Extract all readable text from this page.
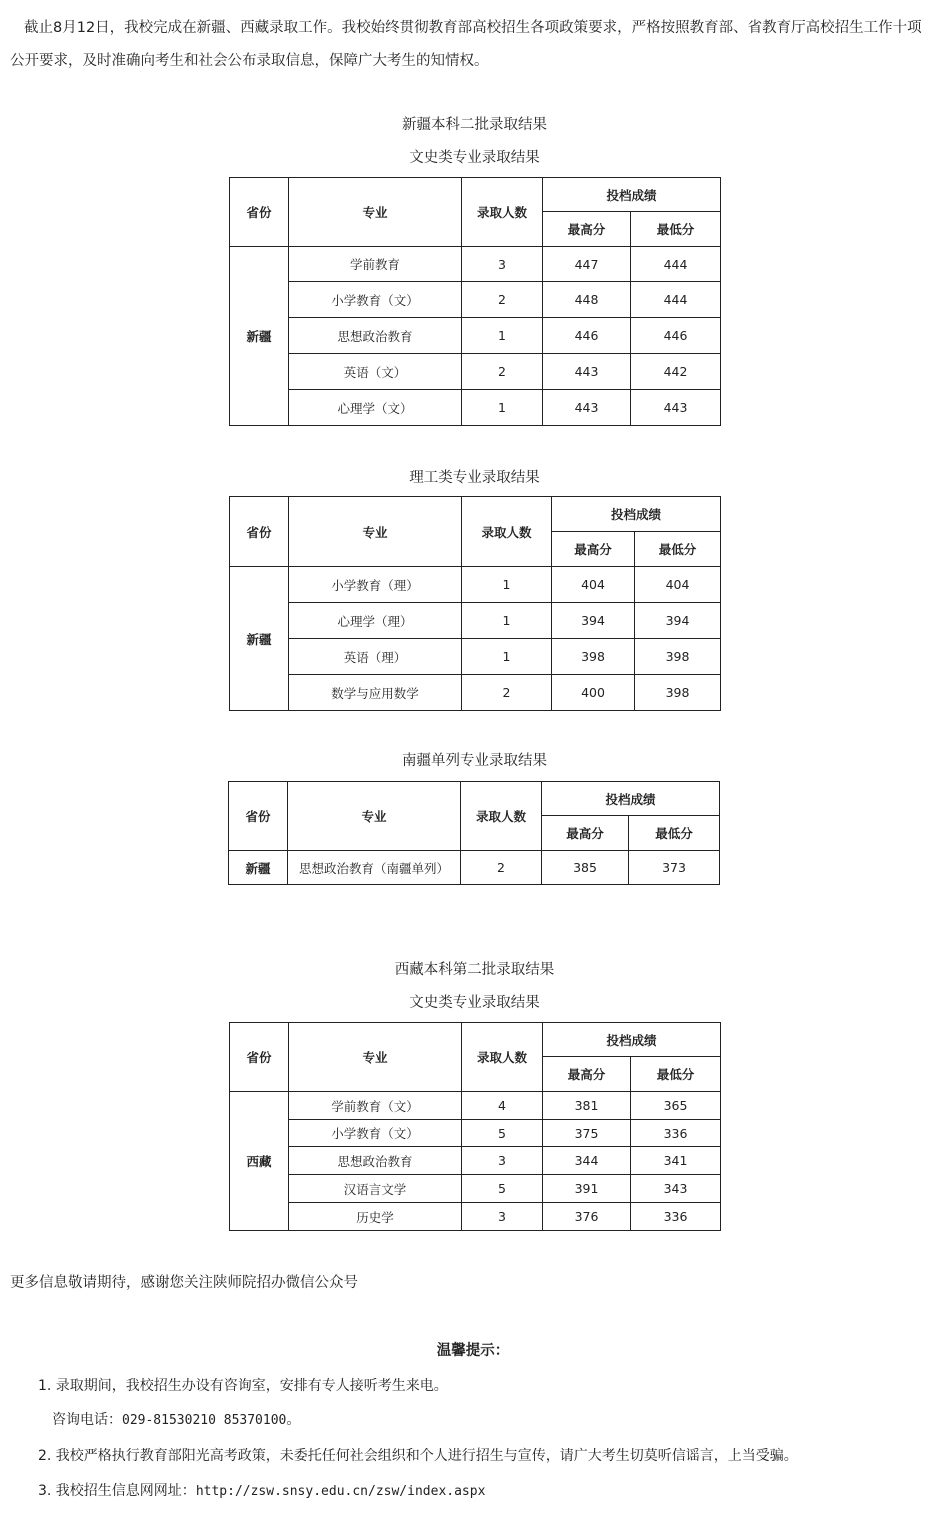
截止8月12日，我校完成在新疆、西藏录取工作。我校始终贯彻教育部高校招生各项政策要求，严格按照教育部、省教育厅高校招生工作十项公开要求，及时准确向考生和社会公布录取信息，保障广大考生的知情权。

新疆本科二批录取结果

文史类专业录取结果

省份	专业	录取人数	投档成绩	
			最高分	最低分
新疆	学前教育	3	447	444
	小学教育（文）	2	448	444
	思想政治教育	1	446	446
	英语（文）	2	443	442
	心理学（文）	1	443	443

理工类专业录取结果

省份	专业	录取人数	投档成绩	
			最高分	最低分
新疆	小学教育（理）	1	404	404
	心理学（理）	1	394	394
	英语（理）	1	398	398
	数学与应用数学	2	400	398

南疆单列专业录取结果

省份	专业	录取人数	投档成绩	
			最高分	最低分
新疆	思想政治教育（南疆单列）	2	385	373

西藏本科第二批录取结果

文史类专业录取结果

省份	专业	录取人数	投档成绩	
			最高分	最低分
西藏	学前教育（文）	4	381	365
	小学教育（文）	5	375	336
	思想政治教育	3	344	341
	汉语言文学	5	391	343
	历史学	3	376	336

更多信息敬请期待，感谢您关注陕师院招办微信公众号

温馨提示：

1. 录取期间，我校招生办设有咨询室，安排有专人接听考生来电。

咨询电话：029-81530210 85370100。

2. 我校严格执行教育部阳光高考政策，未委托任何社会组织和个人进行招生与宣传，请广大考生切莫听信谣言，上当受骗。

3. 我校招生信息网网址：http://zsw.snsy.edu.cn/zsw/index.aspx
